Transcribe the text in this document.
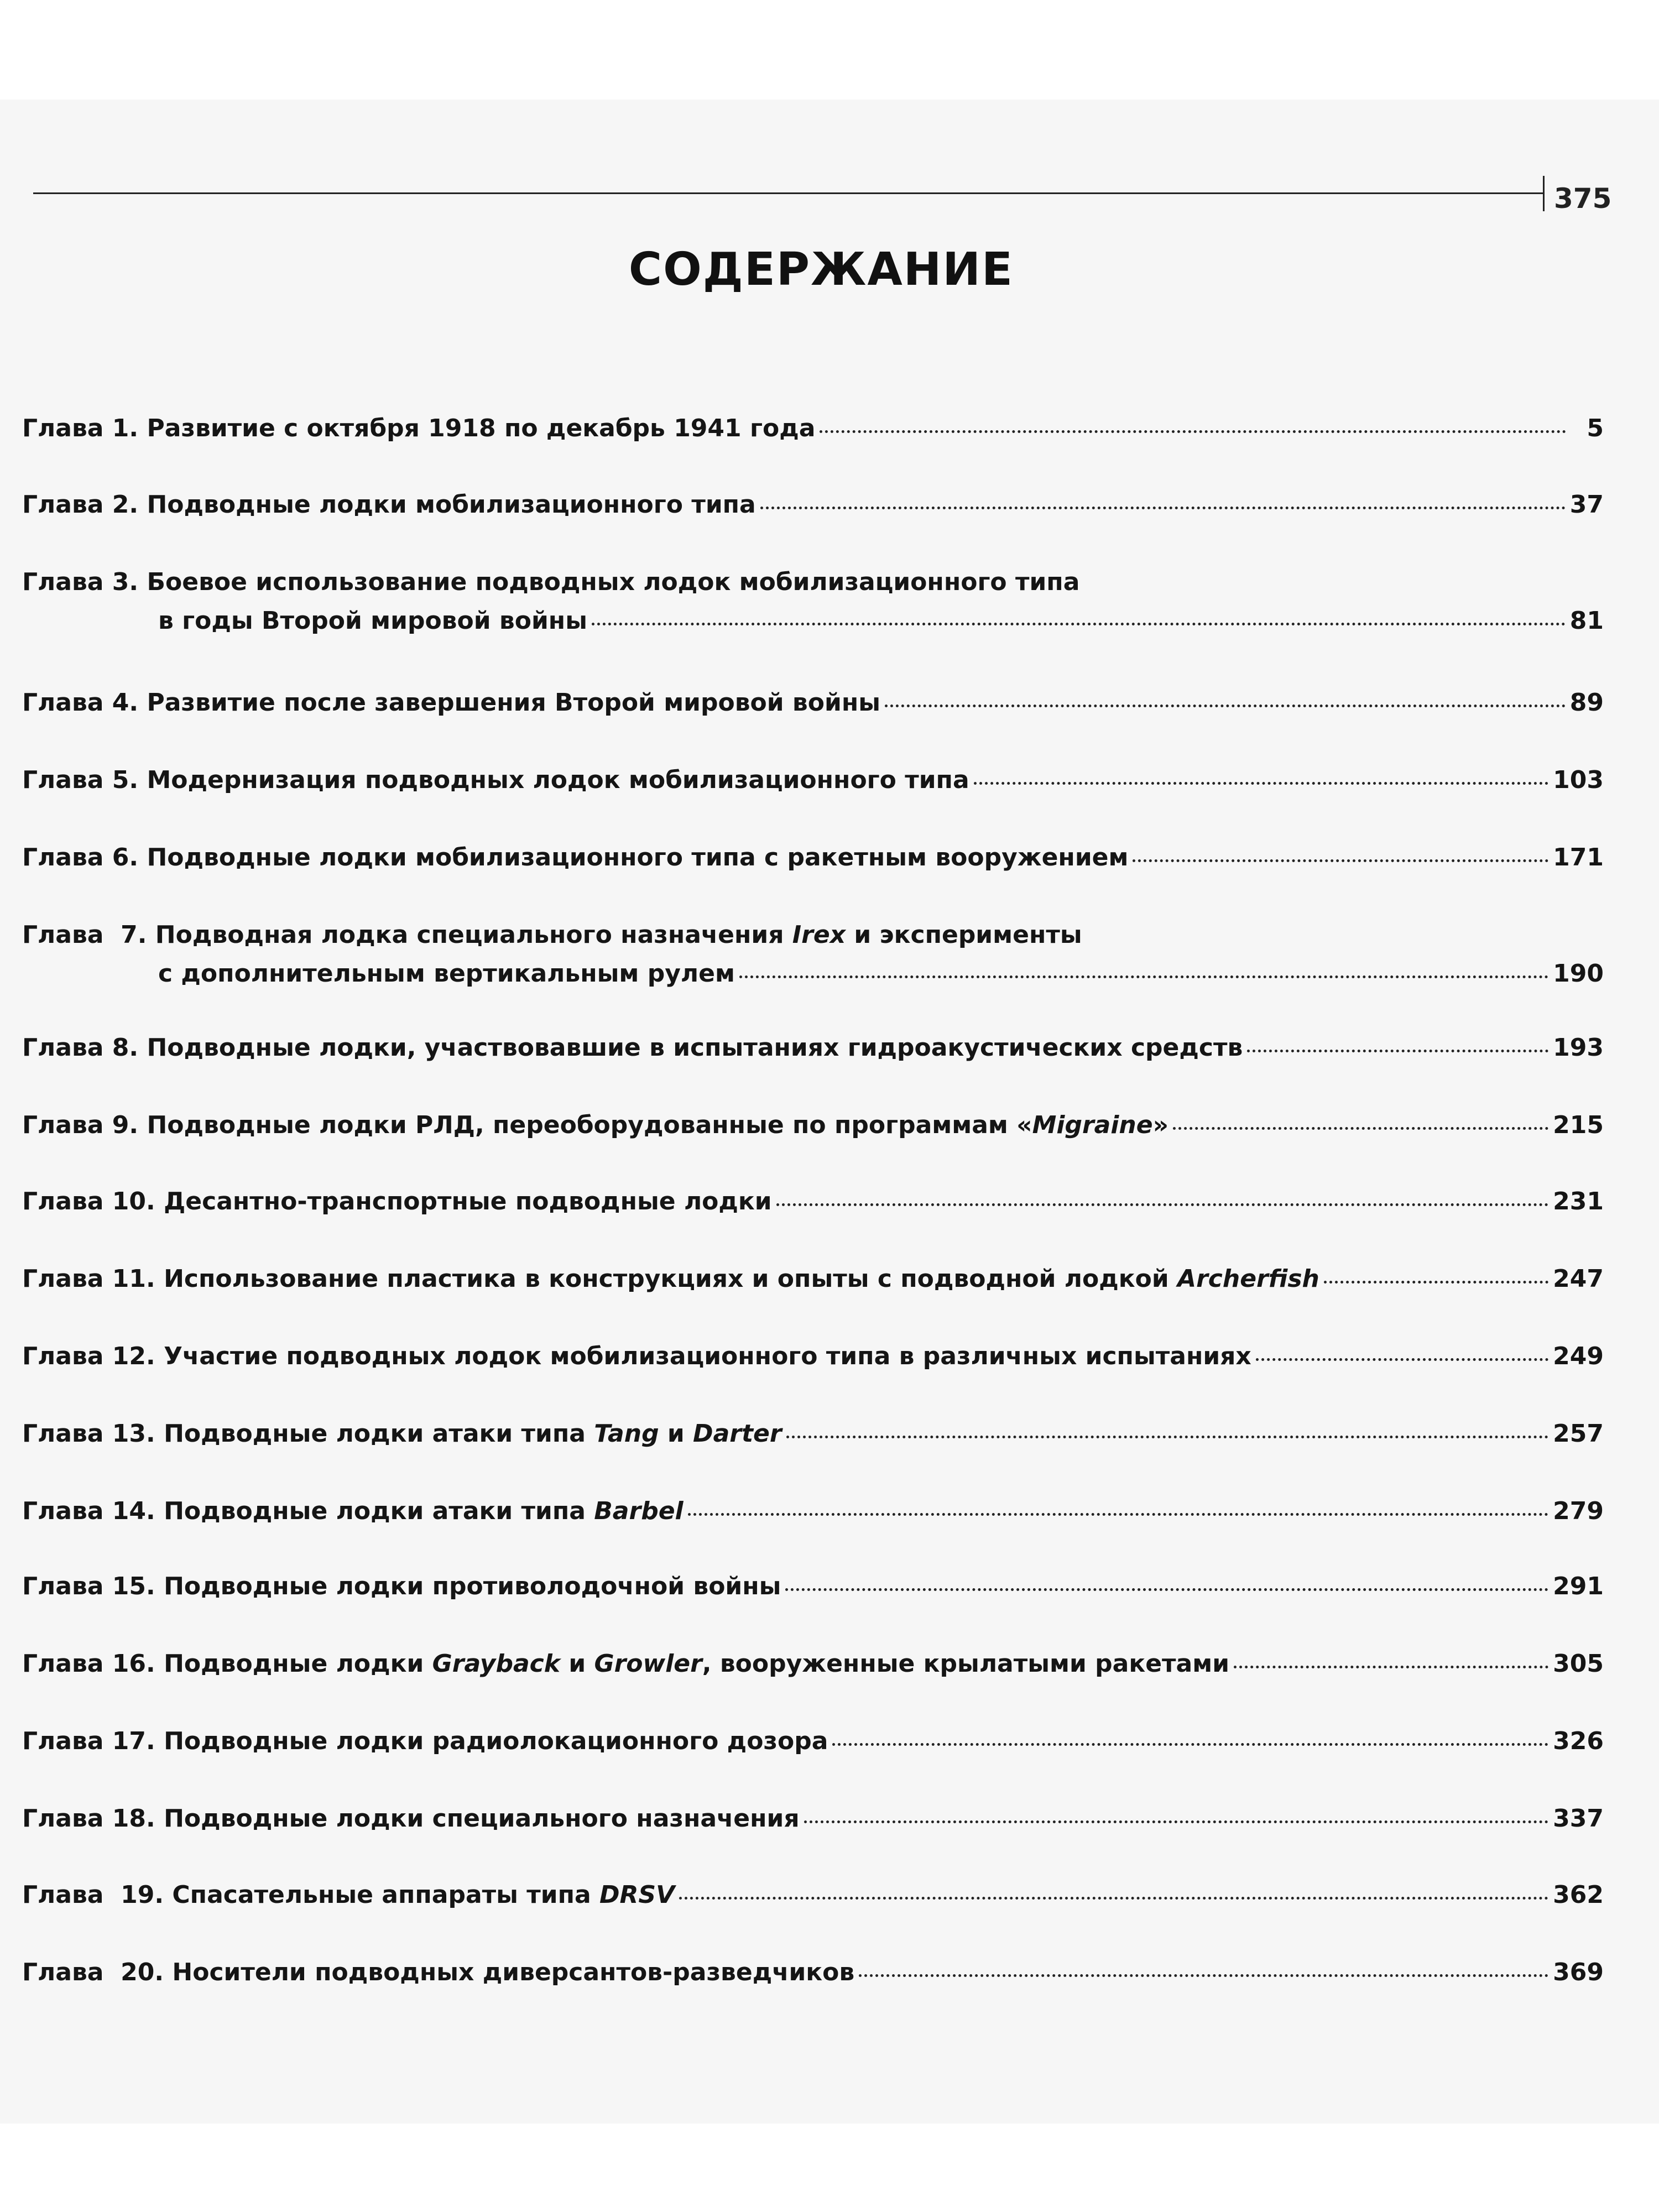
375
СОДЕРЖАНИЕ
Глава 1. Развитие с октября 1918 по декабрь 1941 года	5
Глава 2. Подводные лодки мобилизационного типа	37
Глава 3. Боевое использование подводных лодок мобилизационного типа
в годы Второй мировой войны	81
Глава 4. Развитие после завершения Второй мировой войны	89
Глава 5. Модернизация подводных лодок мобилизационного типа	103
Глава 6. Подводные лодки мобилизационного типа с ракетным вооружением	171
Глава  7. Подводная лодка специального назначения Irex и эксперименты
с дополнительным вертикальным рулем	190
Глава 8. Подводные лодки, участвовавшие в испытаниях гидроакустических средств	193
Глава 9. Подводные лодки РЛД, переоборудованные по программам «Migraine»	215
Глава 10. Десантно-транспортные подводные лодки	231
Глава 11. Использование пластика в конструкциях и опыты с подводной лодкой Archerfish	247
Глава 12. Участие подводных лодок мобилизационного типа в различных испытаниях	249
Глава 13. Подводные лодки атаки типа Tang и Darter	257
Глава 14. Подводные лодки атаки типа Barbel	279
Глава 15. Подводные лодки противолодочной войны	291
Глава 16. Подводные лодки Grayback и Growler, вооруженные крылатыми ракетами	305
Глава 17. Подводные лодки радиолокационного дозора	326
Глава 18. Подводные лодки специального назначения	337
Глава  19. Спасательные аппараты типа DRSV	362
Глава  20. Носители подводных диверсантов-разведчиков	369
